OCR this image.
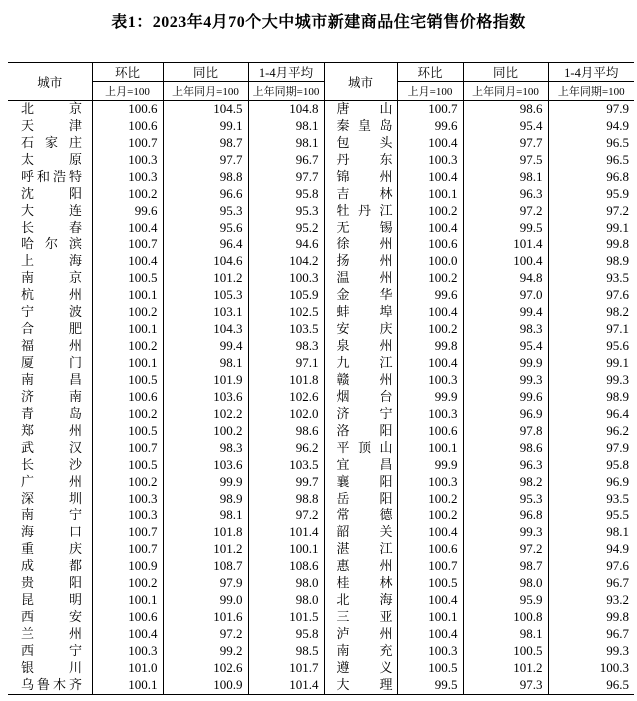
表1：2023年4月70个大中城市新建商品住宅销售价格指数
城市	环比	同比	1-4月平均	城市	环比	同比	1-4月平均
	上月=100	上年同月=100	上年同期=100		上月=100	上年同月=100	上年同期=100

北京	100.6	104.5	104.8	唐山	100.7	98.6	97.9

天津	100.6	99.1	98.1	秦皇岛	99.6	95.4	94.9

石家庄	100.7	98.7	98.1	包头	100.4	97.7	96.5

太原	100.3	97.7	96.7	丹东	100.3	97.5	96.5

呼和浩特	100.3	98.8	97.7	锦州	100.4	98.1	96.8

沈阳	100.2	96.6	95.8	吉林	100.1	96.3	95.9

大连	99.6	95.3	95.3	牡丹江	100.2	97.2	97.2

长春	100.4	95.6	95.2	无锡	100.4	99.5	99.1

哈尔滨	100.7	96.4	94.6	徐州	100.6	101.4	99.8

上海	100.4	104.6	104.2	扬州	100.0	100.4	98.9

南京	100.5	101.2	100.3	温州	100.2	94.8	93.5

杭州	100.1	105.3	105.9	金华	99.6	97.0	97.6

宁波	100.2	103.1	102.5	蚌埠	100.4	99.4	98.2

合肥	100.1	104.3	103.5	安庆	100.2	98.3	97.1

福州	100.2	99.4	98.3	泉州	99.8	95.4	95.6

厦门	100.1	98.1	97.1	九江	100.4	99.9	99.1

南昌	100.5	101.9	101.8	赣州	100.3	99.3	99.3

济南	100.6	103.6	102.6	烟台	99.9	99.6	98.9

青岛	100.2	102.2	102.0	济宁	100.3	96.9	96.4

郑州	100.5	100.2	98.6	洛阳	100.6	97.8	96.2

武汉	100.7	98.3	96.2	平顶山	100.1	98.6	97.9

长沙	100.5	103.6	103.5	宜昌	99.9	96.3	95.8

广州	100.2	99.9	99.7	襄阳	100.3	98.2	96.9

深圳	100.3	98.9	98.8	岳阳	100.2	95.3	93.5

南宁	100.3	98.1	97.2	常德	100.2	96.8	95.5

海口	100.7	101.8	101.4	韶关	100.4	99.3	98.1

重庆	100.7	101.2	100.1	湛江	100.6	97.2	94.9

成都	100.9	108.7	108.6	惠州	100.7	98.7	97.6

贵阳	100.2	97.9	98.0	桂林	100.5	98.0	96.7

昆明	100.1	99.0	98.0	北海	100.4	95.9	93.2

西安	100.6	101.6	101.5	三亚	100.1	100.8	99.8

兰州	100.4	97.2	95.8	泸州	100.4	98.1	96.7

西宁	100.3	99.2	98.5	南充	100.3	100.5	99.3

银川	101.0	102.6	101.7	遵义	100.5	101.2	100.3

乌鲁木齐	100.1	100.9	101.4	大理	99.5	97.3	96.5
